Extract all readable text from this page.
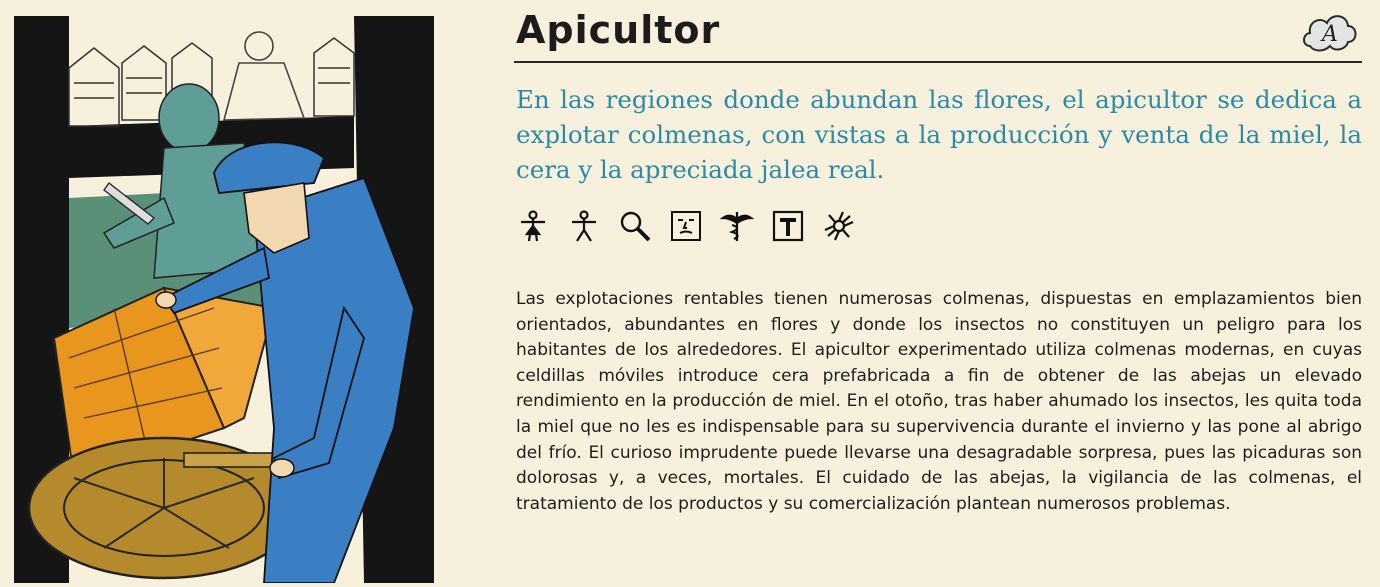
Apicultor	A
En las regiones donde abundan las flores, el apicultor se dedica a explotar colmenas, con vistas a la producción y venta de la miel, la cera y la apreciada jalea real.

Las explotaciones rentables tienen numerosas colmenas, dispuestas en emplazamientos bien orientados, abundantes en flores y donde los insectos no constituyen un peligro para los habitantes de los alrededores. El apicultor experimentado utiliza colmenas modernas, en cuyas celdillas móviles introduce cera prefabricada a fin de obtener de las abejas un elevado rendimiento en la producción de miel. En el otoño, tras haber ahumado los insectos, les quita toda la miel que no les es indispensable para su supervivencia durante el invierno y las pone al abrigo del frío. El curioso imprudente puede llevarse una desagradable sorpresa, pues las picaduras son dolorosas y, a veces, mortales. El cuidado de las abejas, la vigilancia de las colmenas, el tratamiento de los productos y su comercialización plantean numerosos problemas.
